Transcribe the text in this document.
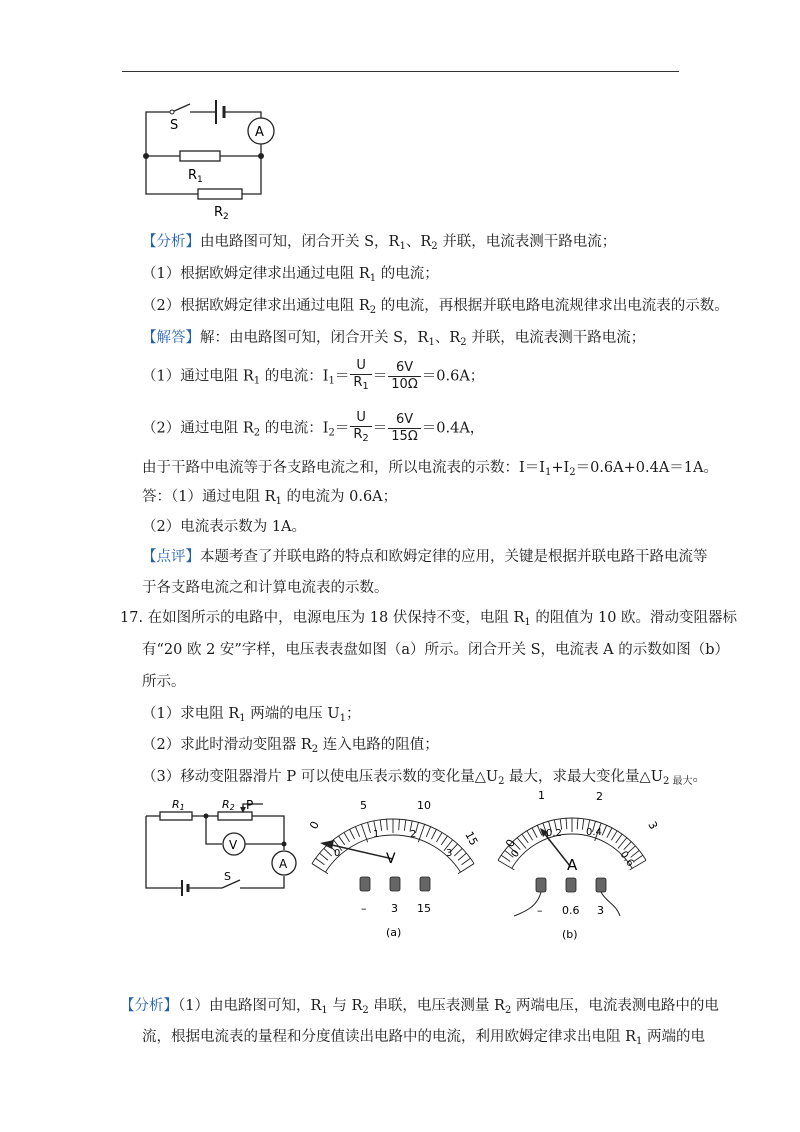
S	A
$R_1$
$R_2$
【分析】由电路图可知，闭合开关 S，$R_1$、$R_2$ 并联，电流表测干路电流；
（1）根据欧姆定律求出通过电阻 $R_1$ 的电流；
（2）根据欧姆定律求出通过电阻 $R_2$ 的电流，再根据并联电路电流规律求出电流表的示数。
【解答】解：由电路图可知，闭合开关 S，$R_1$、$R_2$ 并联，电流表测干路电流；
（1）通过电阻 $R_1$ 的电流：$I_1= \frac{U}{R_1} = \frac{6V}{10\Omega} =0.6A$；
（2）通过电阻 $R_2$ 的电流：$I_2= \frac{U}{R_2} = \frac{6V}{15\Omega} =0.4A$，
由于干路中电流等于各支路电流之和，所以电流表的示数：$I=I_1+I_2=0.6A+0.4A=1A$。
答：（1）通过电阻 $R_1$ 的电流为 0.6A；
（2）电流表示数为 1A。
【点评】本题考查了并联电路的特点和欧姆定律的应用，关键是根据并联电路干路电流等
于各支路电流之和计算电流表的示数。
17. 在如图所示的电路中，电源电压为 18 伏保持不变，电阻 $R_1$ 的阻值为 10 欧。滑动变阻器标
有“20 欧 2 安”字样，电压表表盘如图（a）所示。闭合开关 S，电流表 A 的示数如图（b）
所示。
（1）求电阻 $R_1$ 两端的电压 $U_1$；
（2）求此时滑动变阻器 $R_2$ 连入电路的阻值；
（3）移动变阻器滑片 P 可以使电压表示数的变化量$\triangle U_2$ 最大，求最大变化量$\triangle U_{2 最大}$。
R1	R2 P
V
A
S
0
5	10
15
0
1	2
3
V
– 3 15
(a)
0
1	2
3
0
0.2 0.4
0.6
A
– 0.6 3
(b)
【分析】（1）由电路图可知，$R_1$ 与 $R_2$ 串联，电压表测量 $R_2$ 两端电压，电流表测电路中的电
流，根据电流表的量程和分度值读出电路中的电流，利用欧姆定律求出电阻 $R_1$ 两端的电
